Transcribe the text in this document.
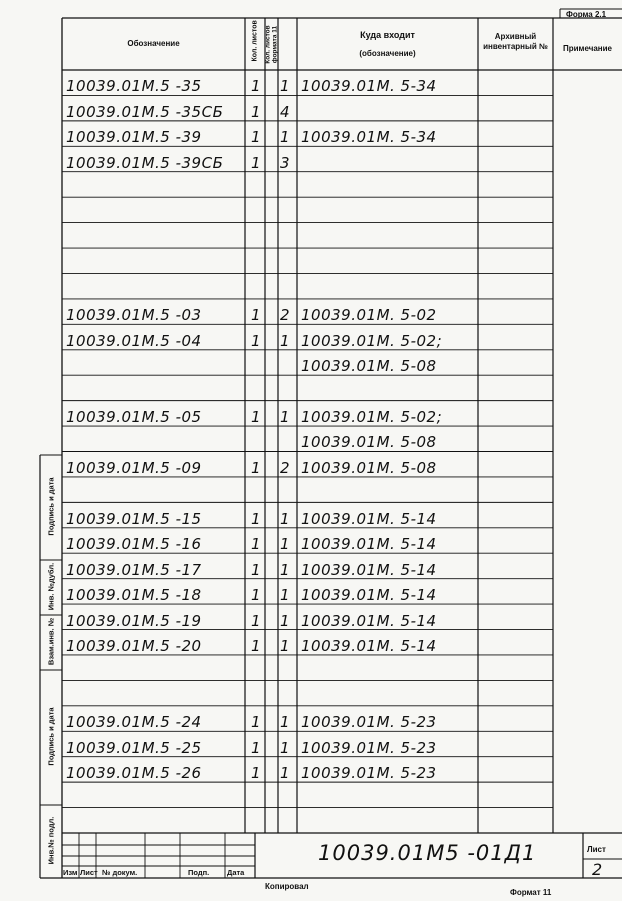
Форма 2.1
Обозначение	Кол. листов Кол. листов формата 11	Куда входит
(обозначение)
Архивный инвентарный №	Примечание
10039.01М.5 -35	1 1 10039.01М. 5-34
10039.01М.5 -35СБ 1 4
10039.01М.5 -39	1 1 10039.01М. 5-34
10039.01М.5 -39СБ 1 3
10039.01М.5 -03	1 2 10039.01М. 5-02
10039.01М.5 -04	1 1 10039.01М. 5-02;
10039.01М. 5-08
10039.01М.5 -05	1 1 10039.01М. 5-02;
10039.01М. 5-08
10039.01М.5 -09	1 2 10039.01М. 5-08
10039.01М.5 -15	1 1 10039.01М. 5-14
10039.01М.5 -16	1 1 10039.01М. 5-14
10039.01М.5 -17	1 1 10039.01М. 5-14
10039.01М.5 -18	1 1 10039.01М. 5-14
10039.01М.5 -19	1 1 10039.01М. 5-14
10039.01М.5 -20	1 1 10039.01М. 5-14
10039.01М.5 -24	1 1 10039.01М. 5-23
10039.01М.5 -25	1 1 10039.01М. 5-23
10039.01М.5 -26	1 1 10039.01М. 5-23
Подпись и дата
Инв. №дубл.
Взам.инв. №
Подпись и дата
Инв.№ подл.
Изм Лист № докум.	Подп. Дата
10039.01М5 -01Д1	Лист
2
Копировал
Формат 11
